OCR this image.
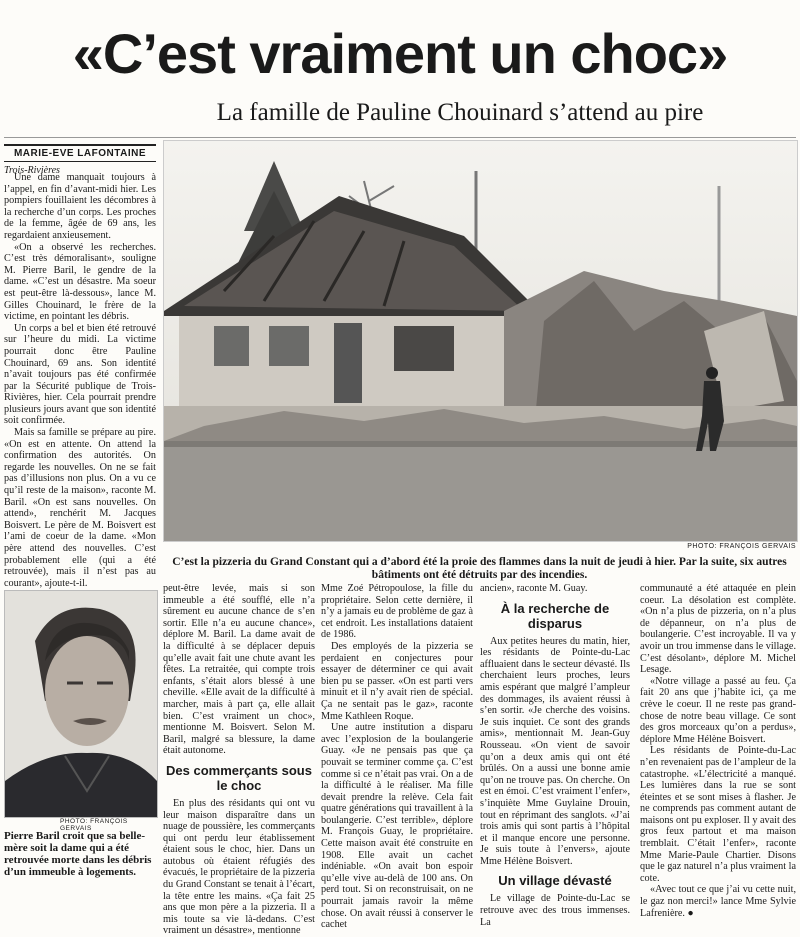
«C’est vraiment un choc»
La famille de Pauline Chouinard s’attend au pire
MARIE-EVE LAFONTAINE
Trois-Rivières

Une dame manquait toujours à l’appel, en fin d’avant-midi hier. Les pompiers fouillaient les décombres à la recherche d’un corps. Les proches de la femme, âgée de 69 ans, les regardaient anxieusement.

«On a observé les recherches. C’est très démoralisant», souligne M. Pierre Baril, le gendre de la dame. «C’est un désastre. Ma soeur est peut-être là-dessous», lance M. Gilles Chouinard, le frère de la victime, en pointant les débris.

Un corps a bel et bien été retrouvé sur l’heure du midi. La victime pourrait donc être Pauline Chouinard, 69 ans. Son identité n’avait toujours pas été confirmée par la Sécurité publique de Trois-Rivières, hier. Cela pourrait prendre plusieurs jours avant que son identité soit confirmée.

Mais sa famille se prépare au pire. «On est en attente. On attend la confirmation des autorités. On regarde les nouvelles. On ne se fait pas d’illusions non plus. On a vu ce qu’il reste de la maison», raconte M. Baril. «On est sans nouvelles. On attend», renchérit M. Jacques Boisvert. Le père de M. Boisvert est l’ami de coeur de la dame. «Mon père attend des nouvelles. C’est probablement elle (qui a été retrouvée), mais il n’est pas au courant», ajoute-t-il.

PHOTO: FRANÇOIS GERVAIS
C’est la pizzeria du Grand Constant qui a d’abord été la proie des flammes dans la nuit de jeudi à hier. Par la suite, six autres bâtiments ont été détruits par des incendies.
PHOTO: FRANÇOIS GERVAIS
Pierre Baril croit que sa belle-mère soit la dame qui a été retrouvée morte dans les débris d’un immeuble à logements.

peut-être levée, mais si son immeuble a été soufflé, elle n’a sûrement eu aucune chance de s’en sortir. Elle n’a eu aucune chance», déplore M. Baril. La dame avait de la difficulté à se déplacer depuis qu’elle avait fait une chute avant les fêtes. La retraitée, qui compte trois enfants, s’était alors blessé à une cheville. «Elle avait de la difficulté à marcher, mais à part ça, elle allait bien. C’est vraiment un choc», mentionne M. Boisvert. Selon M. Baril, malgré sa blessure, la dame était autonome.

Des commerçants sous le choc

En plus des résidants qui ont vu leur maison disparaître dans un nuage de poussière, les commerçants qui ont perdu leur établissement étaient sous le choc, hier. Dans un autobus où étaient réfugiés des évacués, le propriétaire de la pizzeria du Grand Constant se tenait à l’écart, la tête entre les mains. «Ça fait 25 ans que mon père a la pizzeria. Il a mis toute sa vie là-dedans. C’est vraiment un désastre», mentionne

Mme Zoé Pétropoulose, la fille du propriétaire. Selon cette dernière, il n’y a jamais eu de problème de gaz à cet endroit. Les installations dataient de 1986.

Des employés de la pizzeria se perdaient en conjectures pour essayer de déterminer ce qui avait bien pu se passer. «On est parti vers minuit et il n’y avait rien de spécial. Ça ne sentait pas le gaz», raconte Mme Kathleen Roque.

Une autre institution a disparu avec l’explosion de la boulangerie Guay. «Je ne pensais pas que ça pouvait se terminer comme ça. C’est comme si ce n’était pas vrai. On a de la difficulté à le réaliser. Ma fille devait prendre la relève. Cela fait quatre générations qui travaillent à la boulangerie. C’est terrible», déplore M. François Guay, le propriétaire. Cette maison avait été construite en 1908. Elle avait un cachet indéniable. «On avait bon espoir qu’elle vive au-delà de 100 ans. On perd tout. Si on reconstruisait, on ne pourrait jamais ravoir la même chose. On avait réussi à conserver le cachet

ancien», raconte M. Guay.

À la recherche de disparus

Aux petites heures du matin, hier, les résidants de Pointe-du-Lac affluaient dans le secteur dévasté. Ils cherchaient leurs proches, leurs amis espérant que malgré l’ampleur des dommages, ils avaient réussi à s’en sortir. «Je cherche des voisins. Je suis inquiet. Ce sont des grands amis», mentionnait M. Jean-Guy Rousseau. «On vient de savoir qu’on a deux amis qui ont été brûlés. On a aussi une bonne amie qu’on ne trouve pas. On cherche. On est en émoi. C’est vraiment l’enfer», s’inquiète Mme Guylaine Drouin, tout en réprimant des sanglots. «J’ai trois amis qui sont partis à l’hôpital et il manque encore une personne. Je suis toute à l’envers», ajoute Mme Hélène Boisvert.

Un village dévasté

Le village de Pointe-du-Lac se retrouve avec des trous immenses. La

communauté a été attaquée en plein coeur. La désolation est complète. «On n’a plus de pizzeria, on n’a plus de dépanneur, on n’a plus de boulangerie. C’est incroyable. Il va y avoir un trou immense dans le village. C’est désolant», déplore M. Michel Lesage.

«Notre village a passé au feu. Ça fait 20 ans que j’habite ici, ça me crève le coeur. Il ne reste pas grand-chose de notre beau village. Ce sont des gros morceaux qu’on a perdus», déplore Mme Hélène Boisvert.

Les résidants de Pointe-du-Lac n’en revenaient pas de l’ampleur de la catastrophe. «L’électricité a manqué. Les lumières dans la rue se sont éteintes et se sont mises à flasher. Je ne comprends pas comment autant de maisons ont pu exploser. Il y avait des gros feux partout et ma maison tremblait. C’était l’enfer», raconte Mme Marie-Paule Chartier. Disons que le gaz naturel n’a plus vraiment la cote.

«Avec tout ce que j’ai vu cette nuit, le gaz non merci!» lance Mme Sylvie Lafrenière. ●
